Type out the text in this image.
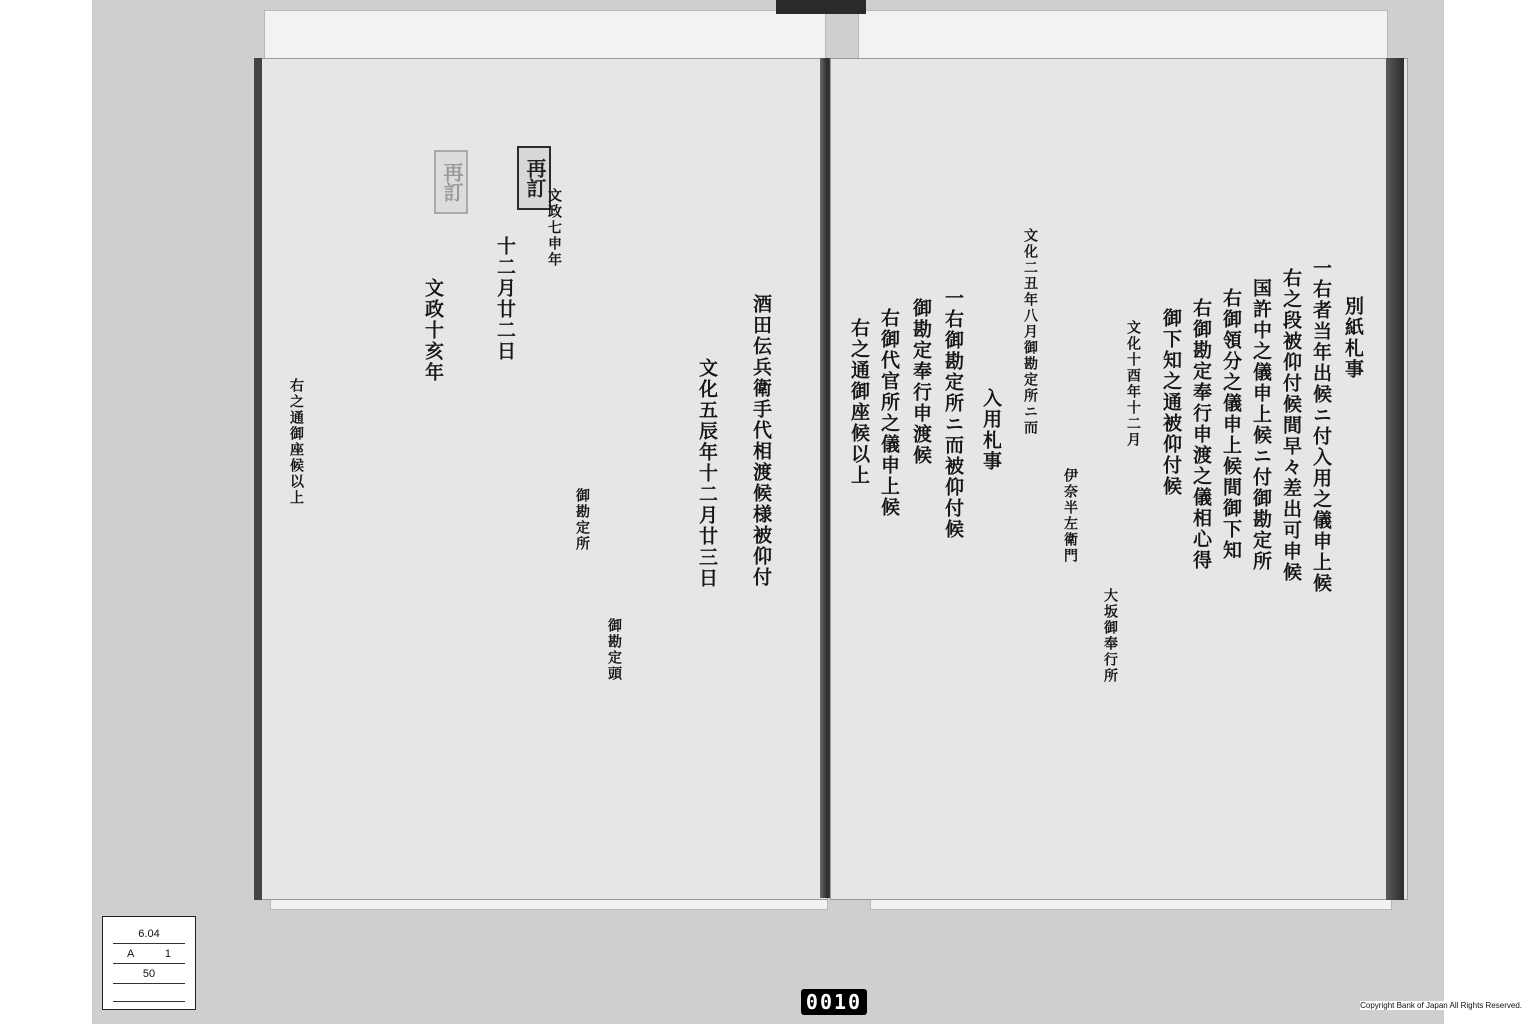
再訂
再訂
酒田伝兵衛手代相渡候様被仰付
文化五辰年十二月廿三日
御勘定所
御勘定頭
文政七申年
十二月廿二日
文政十亥年
右之通御座候以上
別紙札事
一右者当年出候ニ付入用之儀申上候
右之段被仰付候間早々差出可申候
国許中之儀申上候ニ付御勘定所
右御領分之儀申上候間御下知
右御勘定奉行申渡之儀相心得
御下知之通被仰付候
文化十酉年十二月
伊奈半左衛門
大坂御奉行所
文化二丑年八月御勘定所ニ而
入用札事
一右御勘定所ニ而被仰付候
御勘定奉行申渡候
右御代官所之儀申上候
右之通御座候以上
6.04
A	1
50
0010	Copyright Bank of Japan All Rights Reserved.
